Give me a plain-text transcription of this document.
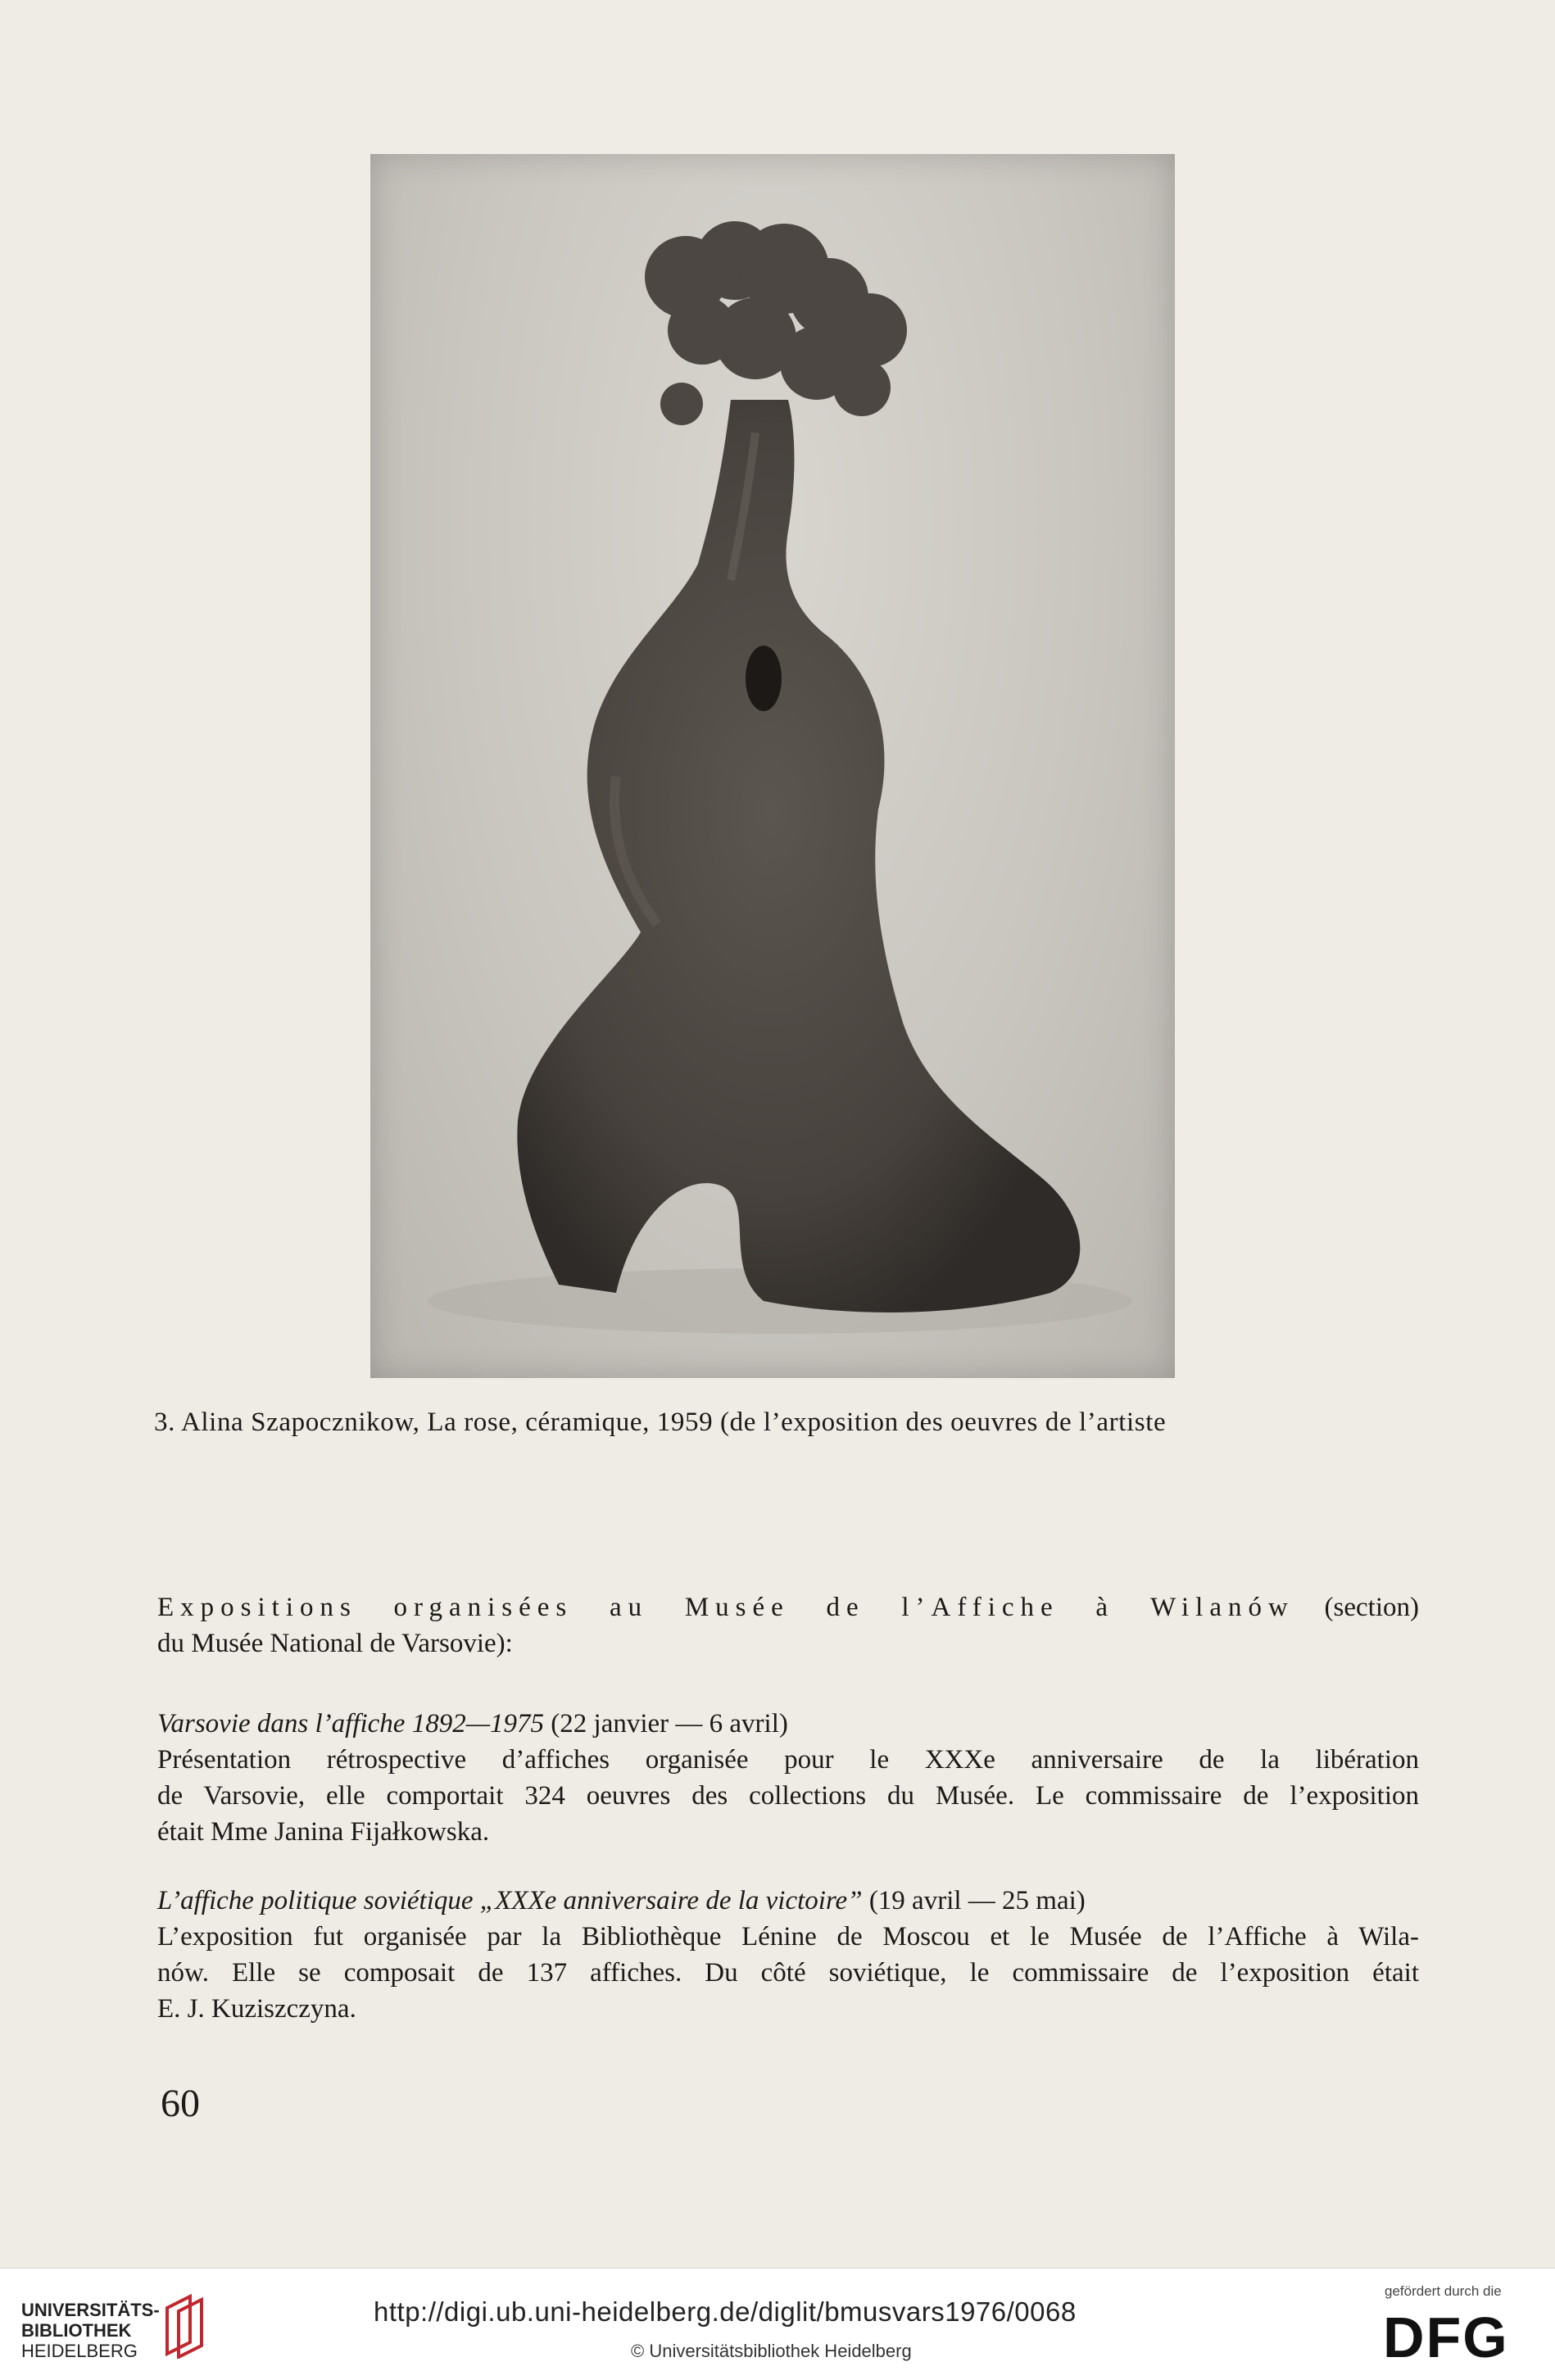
3. Alina Szapocznikow, La rose, céramique, 1959 (de l’exposition des oeuvres de l’artiste
Expositions organisées au Musée de l’Affiche à Wilanów (section)
du Musée National de Varsovie):
Varsovie dans l’affiche 1892—1975 (22 janvier — 6 avril)
Présentation rétrospective d’affiches organisée pour le XXXe anniversaire de la libération
de Varsovie, elle comportait 324 oeuvres des collections du Musée. Le commissaire de l’exposition
était Mme Janina Fijałkowska.
L’affiche politique soviétique „XXXe anniversaire de la victoire” (19 avril — 25 mai)
L’exposition fut organisée par la Bibliothèque Lénine de Moscou et le Musée de l’Affiche à Wila-
nów. Elle se composait de 137 affiches. Du côté soviétique, le commissaire de l’exposition était
E. J. Kuziszczyna.
60
UNIVERSITÄTS-
BIBLIOTHEK
HEIDELBERG
http://digi.ub.uni-heidelberg.de/diglit/bmusvars1976/0068
© Universitätsbibliothek Heidelberg
gefördert durch die
DFG
